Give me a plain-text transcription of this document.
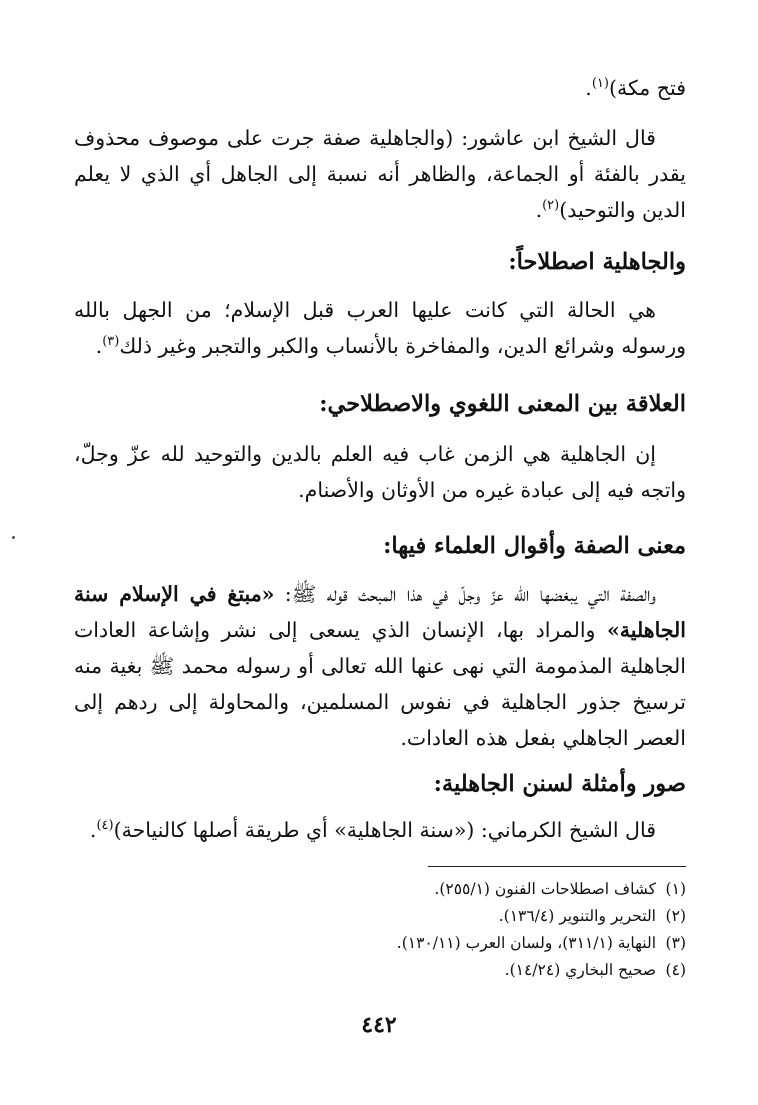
فتح مكة)$^{(١)}$.

قال الشيخ ابن عاشور: (والجاهلية صفة جرت على موصوف محذوف يقدر بالفئة أو الجماعة، والظاهر أنه نسبة إلى الجاهل أي الذي لا يعلم الدين والتوحيد)$^{(٢)}$.

والجاهلية اصطلاحاً:

هي الحالة التي كانت عليها العرب قبل الإسلام؛ من الجهل بالله ورسوله وشرائع الدين، والمفاخرة بالأنساب والكبر والتجبر وغير ذلك$^{(٣)}$.

العلاقة بين المعنى اللغوي والاصطلاحي:

إن الجاهلية هي الزمن غاب فيه العلم بالدين والتوحيد لله عزّ وجلّ، واتجه فيه إلى عبادة غيره من الأوثان والأصنام.

معنى الصفة وأقوال العلماء فيها:

والصفة التي يبغضها الله عزّ وجلّ في هذا المبحث قوله ﷺ: «مبتغ في الإسلام سنة الجاهلية» والمراد بها، الإنسان الذي يسعى إلى نشر وإشاعة العادات الجاهلية المذمومة التي نهى عنها الله تعالى أو رسوله محمد ﷺ بغية منه ترسيخ جذور الجاهلية في نفوس المسلمين، والمحاولة إلى ردهم إلى العصر الجاهلي بفعل هذه العادات.

صور وأمثلة لسنن الجاهلية:

قال الشيخ الكرماني: («سنة الجاهلية» أي طريقة أصلها كالنياحة)$^{(٤)}$.

(١)كشاف اصطلاحات الفنون (٢٥٥/١).
(٢)التحرير والتنوير (١٣٦/٤).
(٣)النهاية (٣١١/١)، ولسان العرب (١٣٠/١١).
(٤)صحيح البخاري (١٤/٢٤).
٤٤٢
